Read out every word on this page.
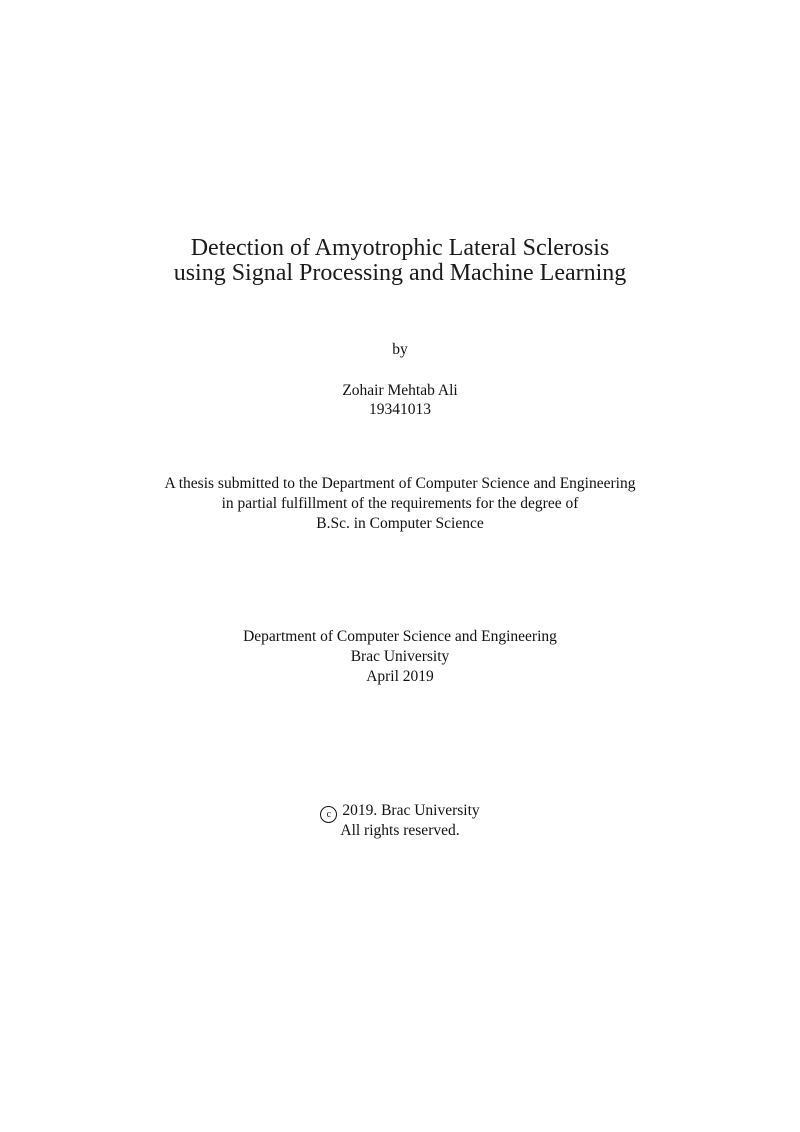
Detection of Amyotrophic Lateral Sclerosis
using Signal Processing and Machine Learning
by
Zohair Mehtab Ali
19341013
A thesis submitted to the Department of Computer Science and Engineering
in partial fulfillment of the requirements for the degree of
B.Sc. in Computer Science
Department of Computer Science and Engineering
Brac University
April 2019
c 2019. Brac University
All rights reserved.
